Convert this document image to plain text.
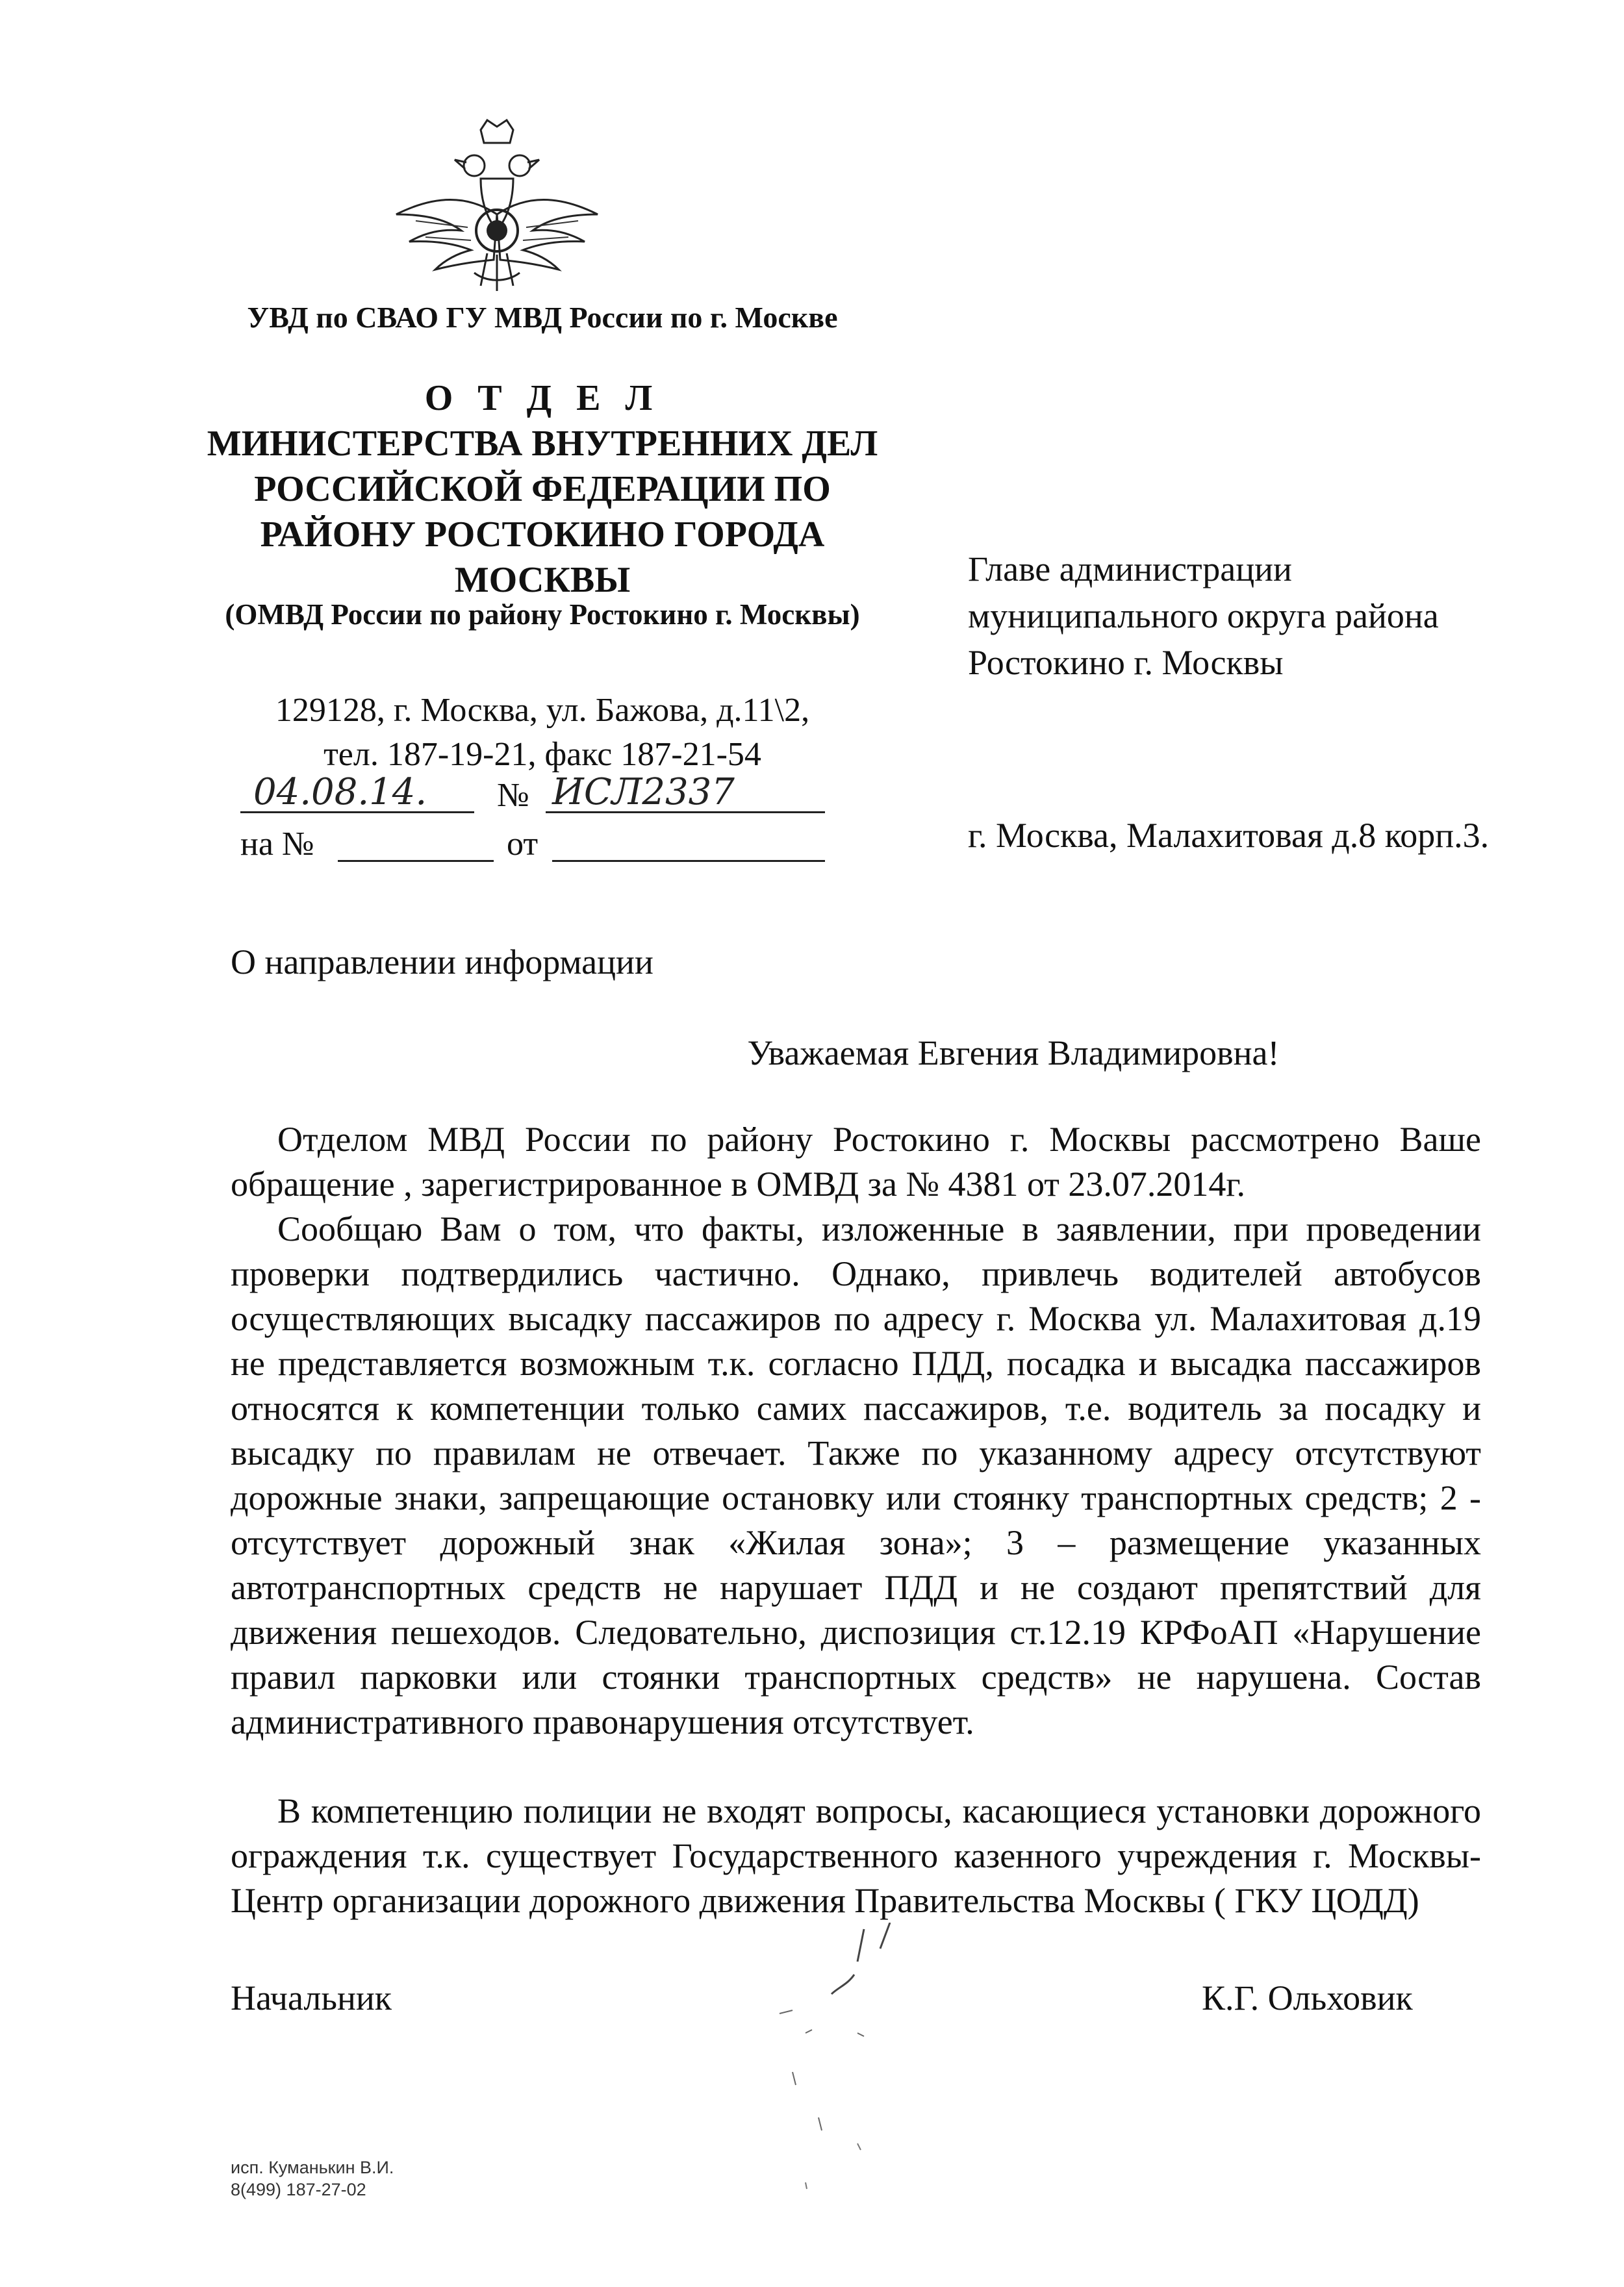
УВД по СВАО ГУ МВД России по г. Москве
О Т Д Е Л
МИНИСТЕРСТВА ВНУТРЕННИХ ДЕЛ
РОССИЙСКОЙ ФЕДЕРАЦИИ ПО
РАЙОНУ РОСТОКИНО ГОРОДА
МОСКВЫ
(ОМВД России по району Ростокино г. Москвы)
129128, г. Москва, ул. Бажова, д.11\2,
тел. 187-19-21, факс 187-21-54
04.08.14. № ИСЛ2337
на №	от
Главе администрации
муниципального округа района
Ростокино г. Москвы
г. Москва, Малахитовая д.8 корп.3.
О направлении информации
Уважаемая Евгения Владимировна!

Отделом МВД России по району Ростокино г. Москвы рассмотрено Ваше обращение , зарегистрированное в ОМВД за № 4381 от 23.07.2014г.

Сообщаю Вам о том, что факты, изложенные в заявлении, при проведении проверки подтвердились частично. Однако, привлечь водителей автобусов осуществляющих высадку пассажиров по адресу г. Москва ул. Малахитовая д.19 не представляется возможным т.к. согласно ПДД, посадка и высадка пассажиров относятся к компетенции только самих пассажиров, т.е. водитель за посадку и высадку по правилам не отвечает. Также по указанному адресу отсутствуют дорожные знаки, запрещающие остановку или стоянку транспортных средств; 2 - отсутствует дорожный знак «Жилая зона»; 3 – размещение указанных автотранспортных средств не нарушает ПДД и не создают препятствий для движения пешеходов. Следовательно, диспозиция ст.12.19 КРФоАП «Нарушение правил парковки или стоянки транспортных средств» не нарушена. Состав административного правонарушения отсутствует.

В компетенцию полиции не входят вопросы, касающиеся установки дорожного ограждения т.к. существует Государственного казенного учреждения г. Москвы-Центр организации дорожного движения Правительства Москвы ( ГКУ ЦОДД)

Начальник	К.Г. Ольховик
исп. Куманькин В.И.
8(499) 187-27-02
